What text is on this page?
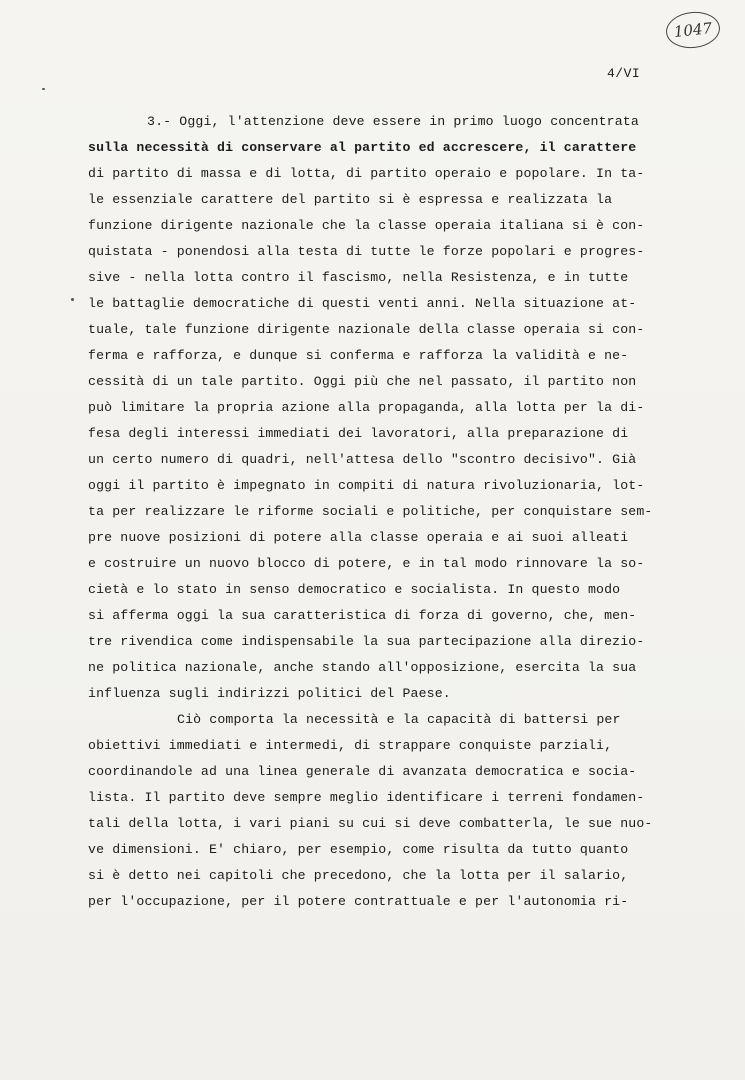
1047
4/VI
3.- Oggi, l'attenzione deve essere in primo luogo concentrata
sulla necessità di conservare al partito ed accrescere, il carattere
di partito di massa e di lotta, di partito operaio e popolare. In ta-
le essenziale carattere del partito si è espressa e realizzata la
funzione dirigente nazionale che la classe operaia italiana si è con-
quistata - ponendosi alla testa di tutte le forze popolari e progres-
sive - nella lotta contro il fascismo, nella Resistenza, e in tutte
le battaglie democratiche di questi venti anni. Nella situazione at-
tuale, tale funzione dirigente nazionale della classe operaia si con-
ferma e rafforza, e dunque si conferma e rafforza la validità e ne-
cessità di un tale partito. Oggi più che nel passato, il partito non
può limitare la propria azione alla propaganda, alla lotta per la di-
fesa degli interessi immediati dei lavoratori, alla preparazione di
un certo numero di quadri, nell'attesa dello "scontro decisivo". Già
oggi il partito è impegnato in compiti di natura rivoluzionaria, lot-
ta per realizzare le riforme sociali e politiche, per conquistare sem-
pre nuove posizioni di potere alla classe operaia e ai suoi alleati
e costruire un nuovo blocco di potere, e in tal modo rinnovare la so-
cietà e lo stato in senso democratico e socialista. In questo modo
si afferma oggi la sua caratteristica di forza di governo, che, men-
tre rivendica come indispensabile la sua partecipazione alla direzio-
ne politica nazionale, anche stando all'opposizione, esercita la sua
influenza sugli indirizzi politici del Paese.
Ciò comporta la necessità e la capacità di battersi per
obiettivi immediati e intermedi, di strappare conquiste parziali,
coordinandole ad una linea generale di avanzata democratica e socia-
lista. Il partito deve sempre meglio identificare i terreni fondamen-
tali della lotta, i vari piani su cui si deve combatterla, le sue nuo-
ve dimensioni. E' chiaro, per esempio, come risulta da tutto quanto
si è detto nei capitoli che precedono, che la lotta per il salario,
per l'occupazione, per il potere contrattuale e per l'autonomia ri-
